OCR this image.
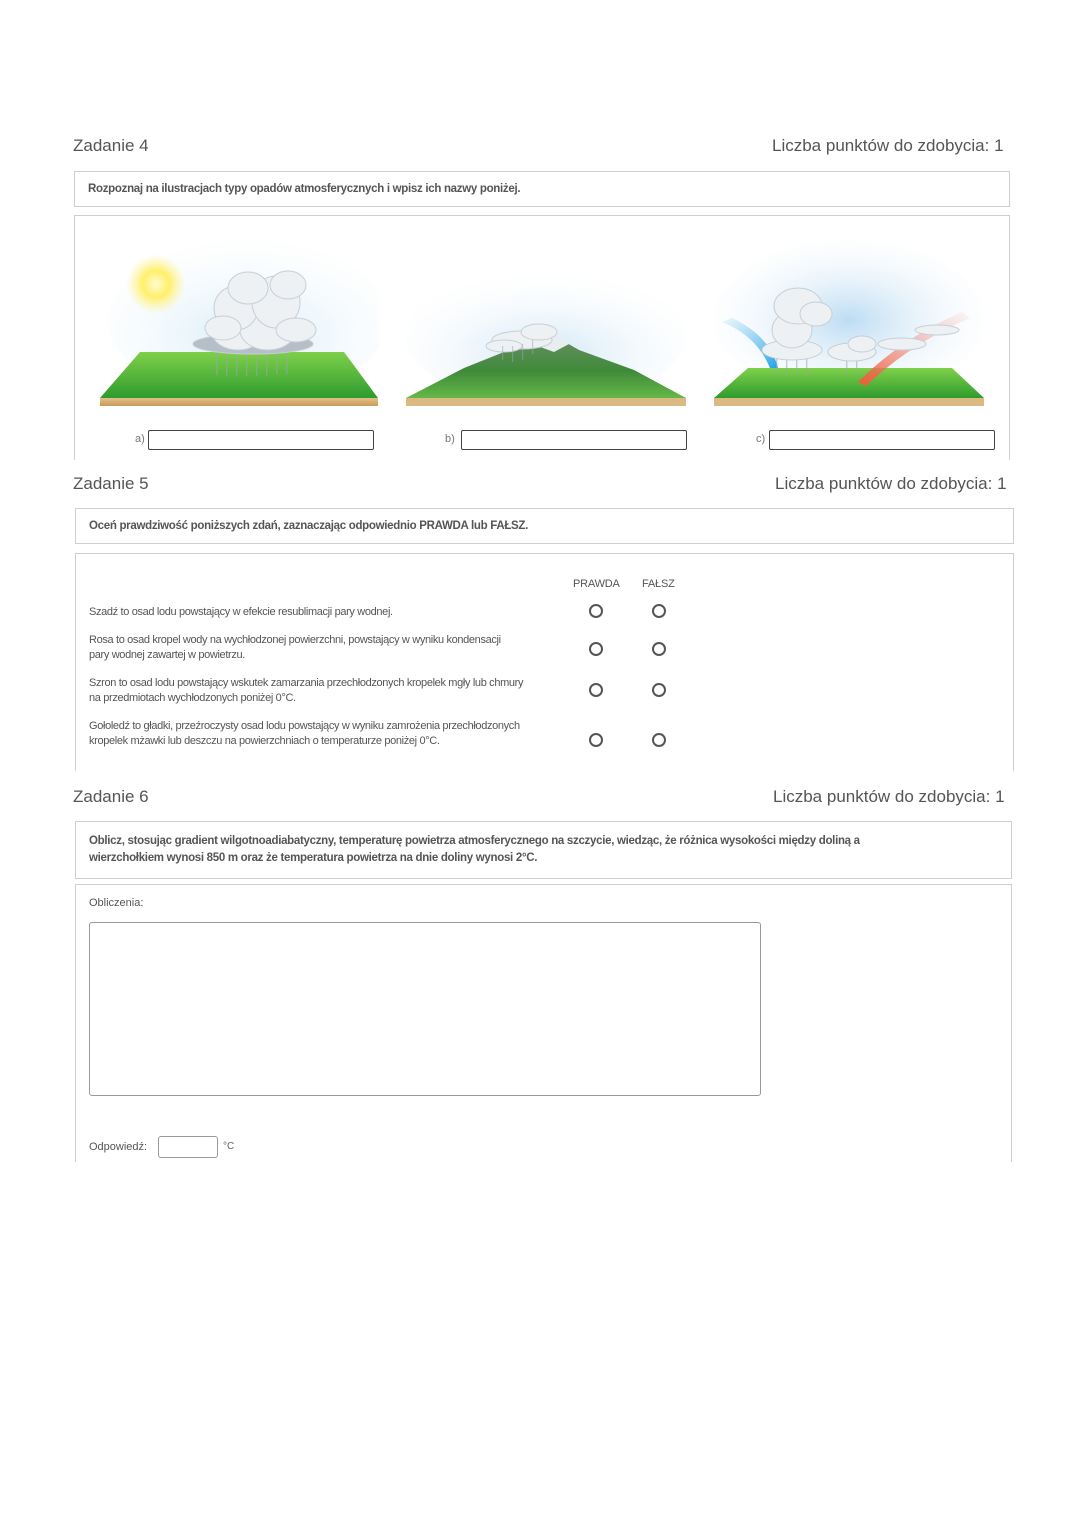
Zadanie 4	Liczba punktów do zdobycia: 1
Rozpoznaj na ilustracjach typy opadów atmosferycznych i wpisz ich nazwy poniżej.
a)	b)	c)
Zadanie 5	Liczba punktów do zdobycia: 1
Oceń prawdziwość poniższych zdań, zaznaczając odpowiednio PRAWDA lub FAŁSZ.
PRAWDA FAŁSZ
Szadź to osad lodu powstający w efekcie resublimacji pary wodnej.
Rosa to osad kropel wody na wychłodzonej powierzchni, powstający w wyniku kondensacji pary wodnej zawartej w powietrzu.
Szron to osad lodu powstający wskutek zamarzania przechłodzonych kropelek mgły lub chmury na przedmiotach wychłodzonych poniżej 0°C.
Gołoledź to gładki, przeźroczysty osad lodu powstający w wyniku zamrożenia przechłodzonych kropelek mżawki lub deszczu na powierzchniach o temperaturze poniżej 0°C.
Zadanie 6	Liczba punktów do zdobycia: 1
Oblicz, stosując gradient wilgotnoadiabatyczny, temperaturę powietrza atmosferycznego na szczycie, wiedząc, że różnica wysokości między doliną a wierzchołkiem wynosi 850 m oraz że temperatura powietrza na dnie doliny wynosi 2°C.
Obliczenia:
Odpowiedź:	°C
